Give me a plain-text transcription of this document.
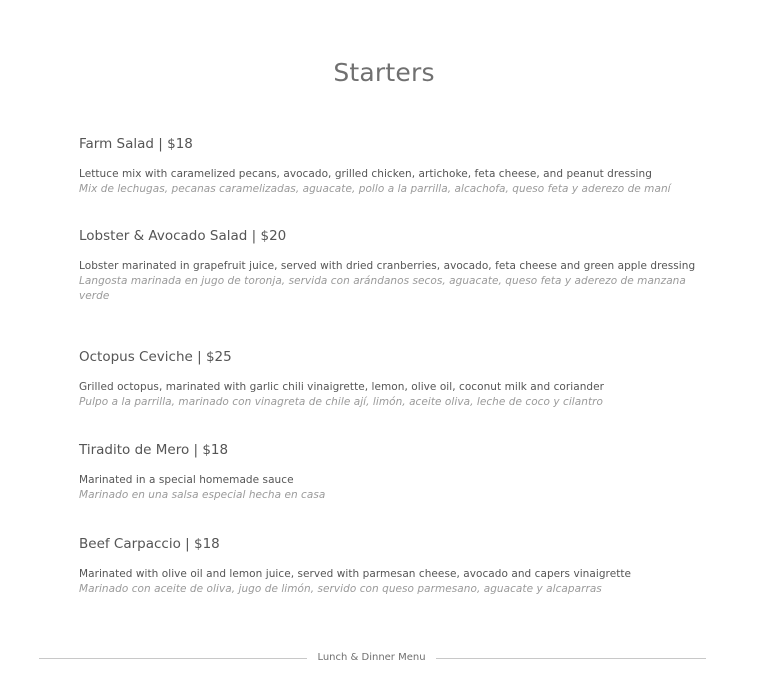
Starters
Farm Salad | $18
Lettuce mix with caramelized pecans, avocado, grilled chicken, artichoke, feta cheese, and peanut dressing
Mix de lechugas, pecanas caramelizadas, aguacate, pollo a la parrilla, alcachofa, queso feta y aderezo de maní
Lobster & Avocado Salad | $20
Lobster marinated in grapefruit juice, served with dried cranberries, avocado, feta cheese and green apple dressing
Langosta marinada en jugo de toronja, servida con arándanos secos, aguacate, queso feta y aderezo de manzana verde
Octopus Ceviche | $25
Grilled octopus, marinated with garlic chili vinaigrette, lemon, olive oil, coconut milk and coriander
Pulpo a la parrilla, marinado con vinagreta de chile ají, limón, aceite oliva, leche de coco y cilantro
Tiradito de Mero | $18
Marinated in a special homemade sauce
Marinado en una salsa especial hecha en casa
Beef Carpaccio | $18
Marinated with olive oil and lemon juice, served with parmesan cheese, avocado and capers vinaigrette
Marinado con aceite de oliva, jugo de limón, servido con queso parmesano, aguacate y alcaparras
Lunch & Dinner Menu
